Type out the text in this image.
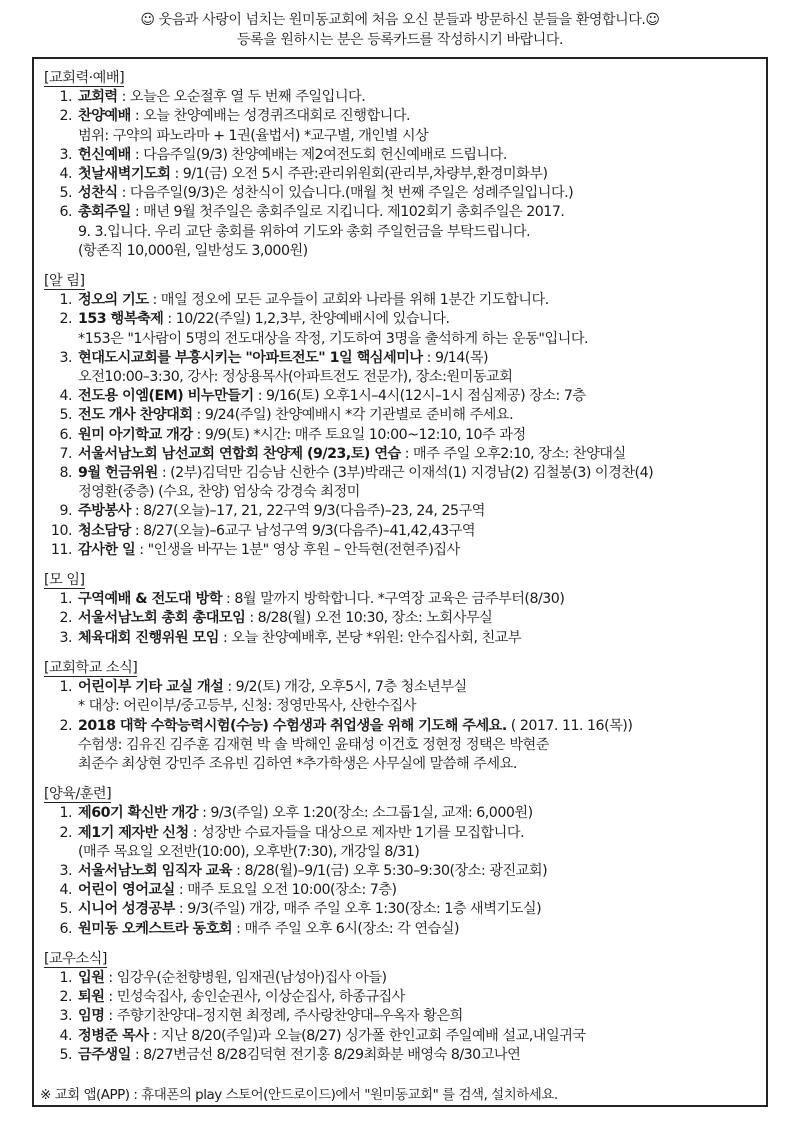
☺ 웃음과 사랑이 넘치는 원미동교회에 처음 오신 분들과 방문하신 분들을 환영합니다.☺
등록을 원하시는 분은 등록카드를 작성하시기 바랍니다.
[교회력·예배]
1. 교회력 : 오늘은 오순절후 열 두 번째 주일입니다.
2. 찬양예배 : 오늘 찬양예배는 성경퀴즈대회로 진행합니다.
범위: 구약의 파노라마 + 1권(율법서) *교구별, 개인별 시상
3. 헌신예배 : 다음주일(9/3) 찬양예배는 제2여전도회 헌신예배로 드립니다.
4. 첫날새벽기도회 : 9/1(금) 오전 5시 주관:관리위원회(관리부,차량부,환경미화부)
5. 성찬식 : 다음주일(9/3)은 성찬식이 있습니다.(매월 첫 번째 주일은 성례주일입니다.)
6. 총회주일 : 매년 9월 첫주일은 총회주일로 지킵니다. 제102회기 총회주일은 2017.
9. 3.입니다. 우리 교단 총회를 위하여 기도와 총회 주일헌금을 부탁드립니다.
(항존직 10,000원, 일반성도 3,000원)
[알 림]
1. 정오의 기도 : 매일 정오에 모든 교우들이 교회와 나라를 위해 1분간 기도합니다.
2. 153 행복축제 : 10/22(주일) 1,2,3부, 찬양예배시에 있습니다.
*153은 "1사람이 5명의 전도대상을 작정, 기도하여 3명을 출석하게 하는 운동"입니다.
3. 현대도시교회를 부흥시키는 "아파트전도" 1일 핵심세미나 : 9/14(목)
오전10:00–3:30, 강사: 정상용목사(아파트전도 전문가), 장소:원미동교회
4. 전도용 이엠(EM) 비누만들기 : 9/16(토) 오후1시–4시(12시–1시 점심제공) 장소: 7층
5. 전도 개사 찬양대회 : 9/24(주일) 찬양예배시 *각 기관별로 준비해 주세요.
6. 원미 아기학교 개강 : 9/9(토) *시간: 매주 토요일 10:00~12:10, 10주 과정
7. 서울서남노회 남선교회 연합회 찬양제 (9/23,토) 연습 : 매주 주일 오후2:10, 장소: 찬양대실
8. 9월 헌금위원 : (2부)김덕만 김승남 신한수 (3부)박래근 이재석(1) 지경남(2) 김철봉(3) 이경찬(4)
정영환(중층) (수요, 찬양) 엄상숙 강경숙 최정미
9. 주방봉사 : 8/27(오늘)–17, 21, 22구역 9/3(다음주)–23, 24, 25구역
10. 청소담당 : 8/27(오늘)–6교구 남성구역 9/3(다음주)–41,42,43구역
11. 감사한 일 : "인생을 바꾸는 1분" 영상 후원 – 안득현(전현주)집사
[모 임]
1. 구역예배 & 전도대 방학 : 8월 말까지 방학합니다. *구역장 교육은 금주부터(8/30)
2. 서울서남노회 총회 총대모임 : 8/28(월) 오전 10:30, 장소: 노회사무실
3. 체육대회 진행위원 모임 : 오늘 찬양예배후, 본당 *위원: 안수집사회, 친교부
[교회학교 소식]
1. 어린이부 기타 교실 개설 : 9/2(토) 개강, 오후5시, 7층 청소년부실
* 대상: 어린이부/중고등부, 신청: 정영만목사, 산한수집사
2. 2018 대학 수학능력시험(수능) 수험생과 취업생을 위해 기도해 주세요. ( 2017. 11. 16(목))
수험생: 김유진 김주훈 김재현 박 솔 박해인 윤태성 이건호 정현정 정택은 박현준
최준수 최상현 강민주 조유빈 김하연 *추가학생은 사무실에 말씀해 주세요.
[양육/훈련]
1. 제60기 확신반 개강 : 9/3(주일) 오후 1:20(장소: 소그룹1실, 교재: 6,000원)
2. 제1기 제자반 신청 : 성장반 수료자들을 대상으로 제자반 1기를 모집합니다.
(매주 목요일 오전반(10:00), 오후반(7:30), 개강일 8/31)
3. 서울서남노회 임직자 교육 : 8/28(월)–9/1(금) 오후 5:30–9:30(장소: 광진교회)
4. 어린이 영어교실 : 매주 토요일 오전 10:00(장소: 7층)
5. 시니어 성경공부 : 9/3(주일) 개강, 매주 주일 오후 1:30(장소: 1층 새벽기도실)
6. 원미동 오케스트라 동호회 : 매주 주일 오후 6시(장소: 각 연습실)
[교우소식]
1. 입원 : 임강우(순천향병원, 임재권(남성아)집사 아들)
2. 퇴원 : 민성숙집사, 송인순권사, 이상순집사, 하종규집사
3. 임명 : 주향기찬양대–정지현 최정례, 주사랑찬양대–우옥자 황은희
4. 정병준 목사 : 지난 8/20(주일)과 오늘(8/27) 싱가폴 한인교회 주일예배 설교,내일귀국
5. 금주생일 : 8/27변금선 8/28김덕현 전기홍 8/29최화분 배영숙 8/30고나연
※ 교회 앱(APP) : 휴대폰의 play 스토어(안드로이드)에서 "원미동교회" 를 검색, 설치하세요.
